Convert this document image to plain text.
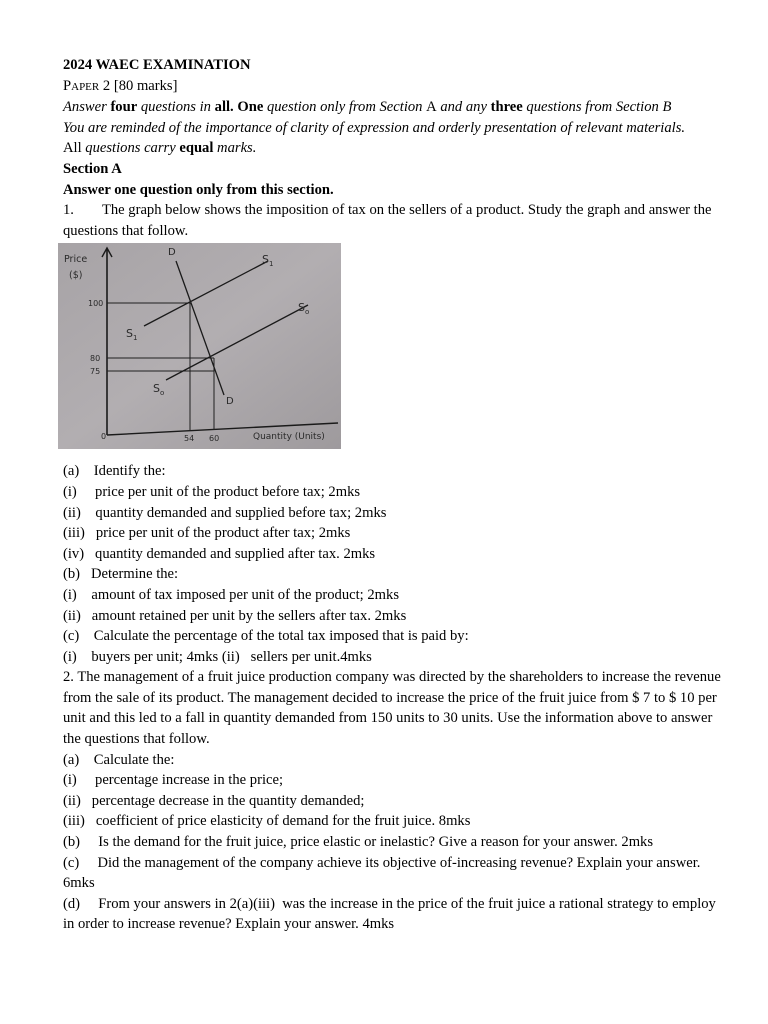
2024 WAEC EXAMINATION

PAPER 2 [80 marks]

Answer four questions in all. One question only from Section A and any three questions from Section B

You are reminded of the importance of clarity of expression and orderly presentation of relevant materials.

All questions carry equal marks.

Section A

Answer one question only from this section.

1. The graph below shows the imposition of tax on the sellers of a product. Study the graph and answer the questions that follow.

Price
($)
100
80
75
0	54 60	Quantity (Units)
D
D
$S_1$
$S_o$
$S_1$
$S_o$

(a)    Identify the:

(i)     price per unit of the product before tax; 2mks

(ii)    quantity demanded and supplied before tax; 2mks

(iii)   price per unit of the product after tax; 2mks

(iv)   quantity demanded and supplied after tax. 2mks

(b)   Determine the:

(i)    amount of tax imposed per unit of the product; 2mks

(ii)   amount retained per unit by the sellers after tax. 2mks

(c)    Calculate the percentage of the total tax imposed that is paid by:

(i)    buyers per unit; 4mks (ii)   sellers per unit.4mks

2. The management of a fruit juice production company was directed by the shareholders to increase the revenue from the sale of its product. The management decided to increase the price of the fruit juice from $ 7 to $ 10 per unit and this led to a fall in quantity demanded from 150 units to 30 units. Use the information above to answer the questions that follow.

(a)    Calculate the:

(i)     percentage increase in the price;

(ii)   percentage decrease in the quantity demanded;

(iii)   coefficient of price elasticity of demand for the fruit juice. 8mks

(b)     Is the demand for the fruit juice, price elastic or inelastic? Give a reason for your answer. 2mks

(c)     Did the management of the company achieve its objective of-increasing revenue? Explain your answer. 6mks

(d)     From your answers in 2(a)(iii)  was the increase in the price of the fruit juice a rational strategy to employ in order to increase revenue? Explain your answer. 4mks
